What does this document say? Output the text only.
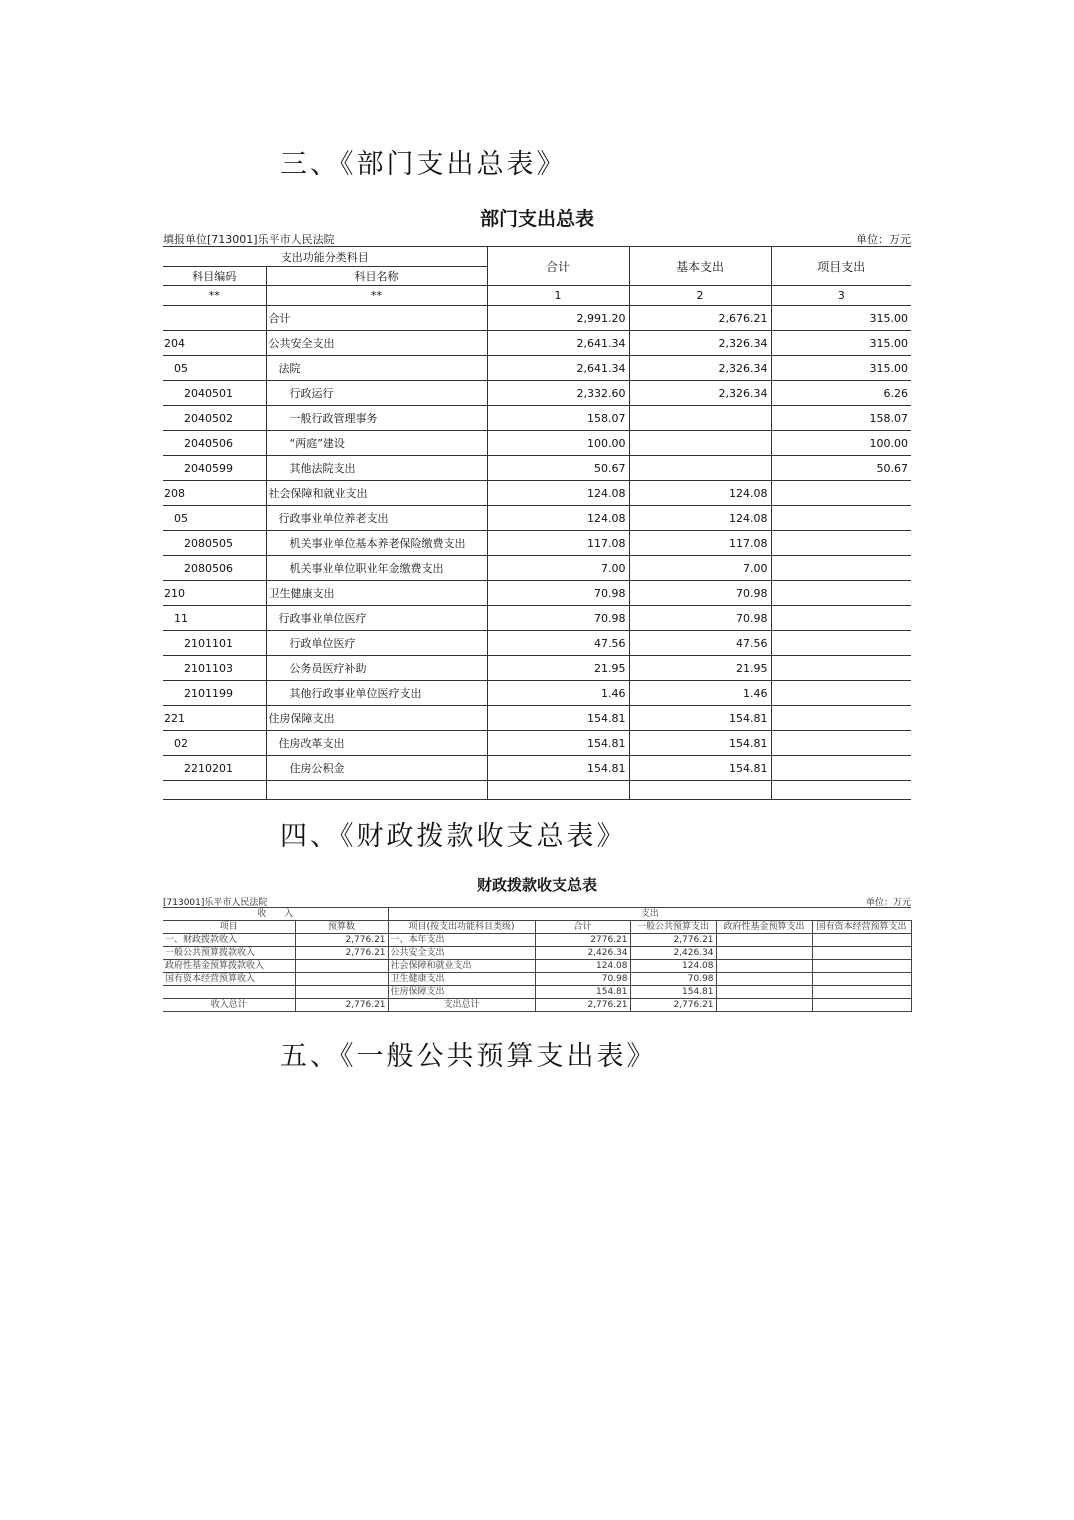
三、《部门支出总表》
部门支出总表
填报单位[713001]乐平市人民法院	单位：万元
支出功能分类科目		合计	基本支出	项目支出
科目编码	科目名称			
**	**	1	2	3
	合计	2,991.20	2,676.21	315.00
204	公共安全支出	2,641.34	2,326.34	315.00
05	法院	2,641.34	2,326.34	315.00
2040501	行政运行	2,332.60	2,326.34	6.26
2040502	一般行政管理事务	158.07		158.07
2040506	“两庭”建设	100.00		100.00
2040599	其他法院支出	50.67		50.67
208	社会保障和就业支出	124.08	124.08	
05	行政事业单位养老支出	124.08	124.08	
2080505	机关事业单位基本养老保险缴费支出	117.08	117.08	
2080506	机关事业单位职业年金缴费支出	7.00	7.00	
210	卫生健康支出	70.98	70.98	
11	行政事业单位医疗	70.98	70.98	
2101101	行政单位医疗	47.56	47.56	
2101103	公务员医疗补助	21.95	21.95	
2101199	其他行政事业单位医疗支出	1.46	1.46	
221	住房保障支出	154.81	154.81	
02	住房改革支出	154.81	154.81	
2210201	住房公积金	154.81	154.81	

四、《财政拨款收支总表》
财政拨款收支总表
[713001]乐平市人民法院	单位：万元
收　　入		支出				
项目	预算数	项目(按支出功能科目类级)	合计	一般公共预算支出	政府性基金预算支出	国有资本经营预算支出
一、财政拨款收入	2,776.21	一、本年支出	2776.21	2,776.21		
一般公共预算拨款收入	2,776.21	公共安全支出	2,426.34	2,426.34		
政府性基金预算拨款收入		社会保障和就业支出	124.08	124.08		
国有资本经营预算收入		卫生健康支出	70.98	70.98		
		住房保障支出	154.81	154.81		
收入总计	2,776.21	支出总计	2,776.21	2,776.21		
五、《一般公共预算支出表》
